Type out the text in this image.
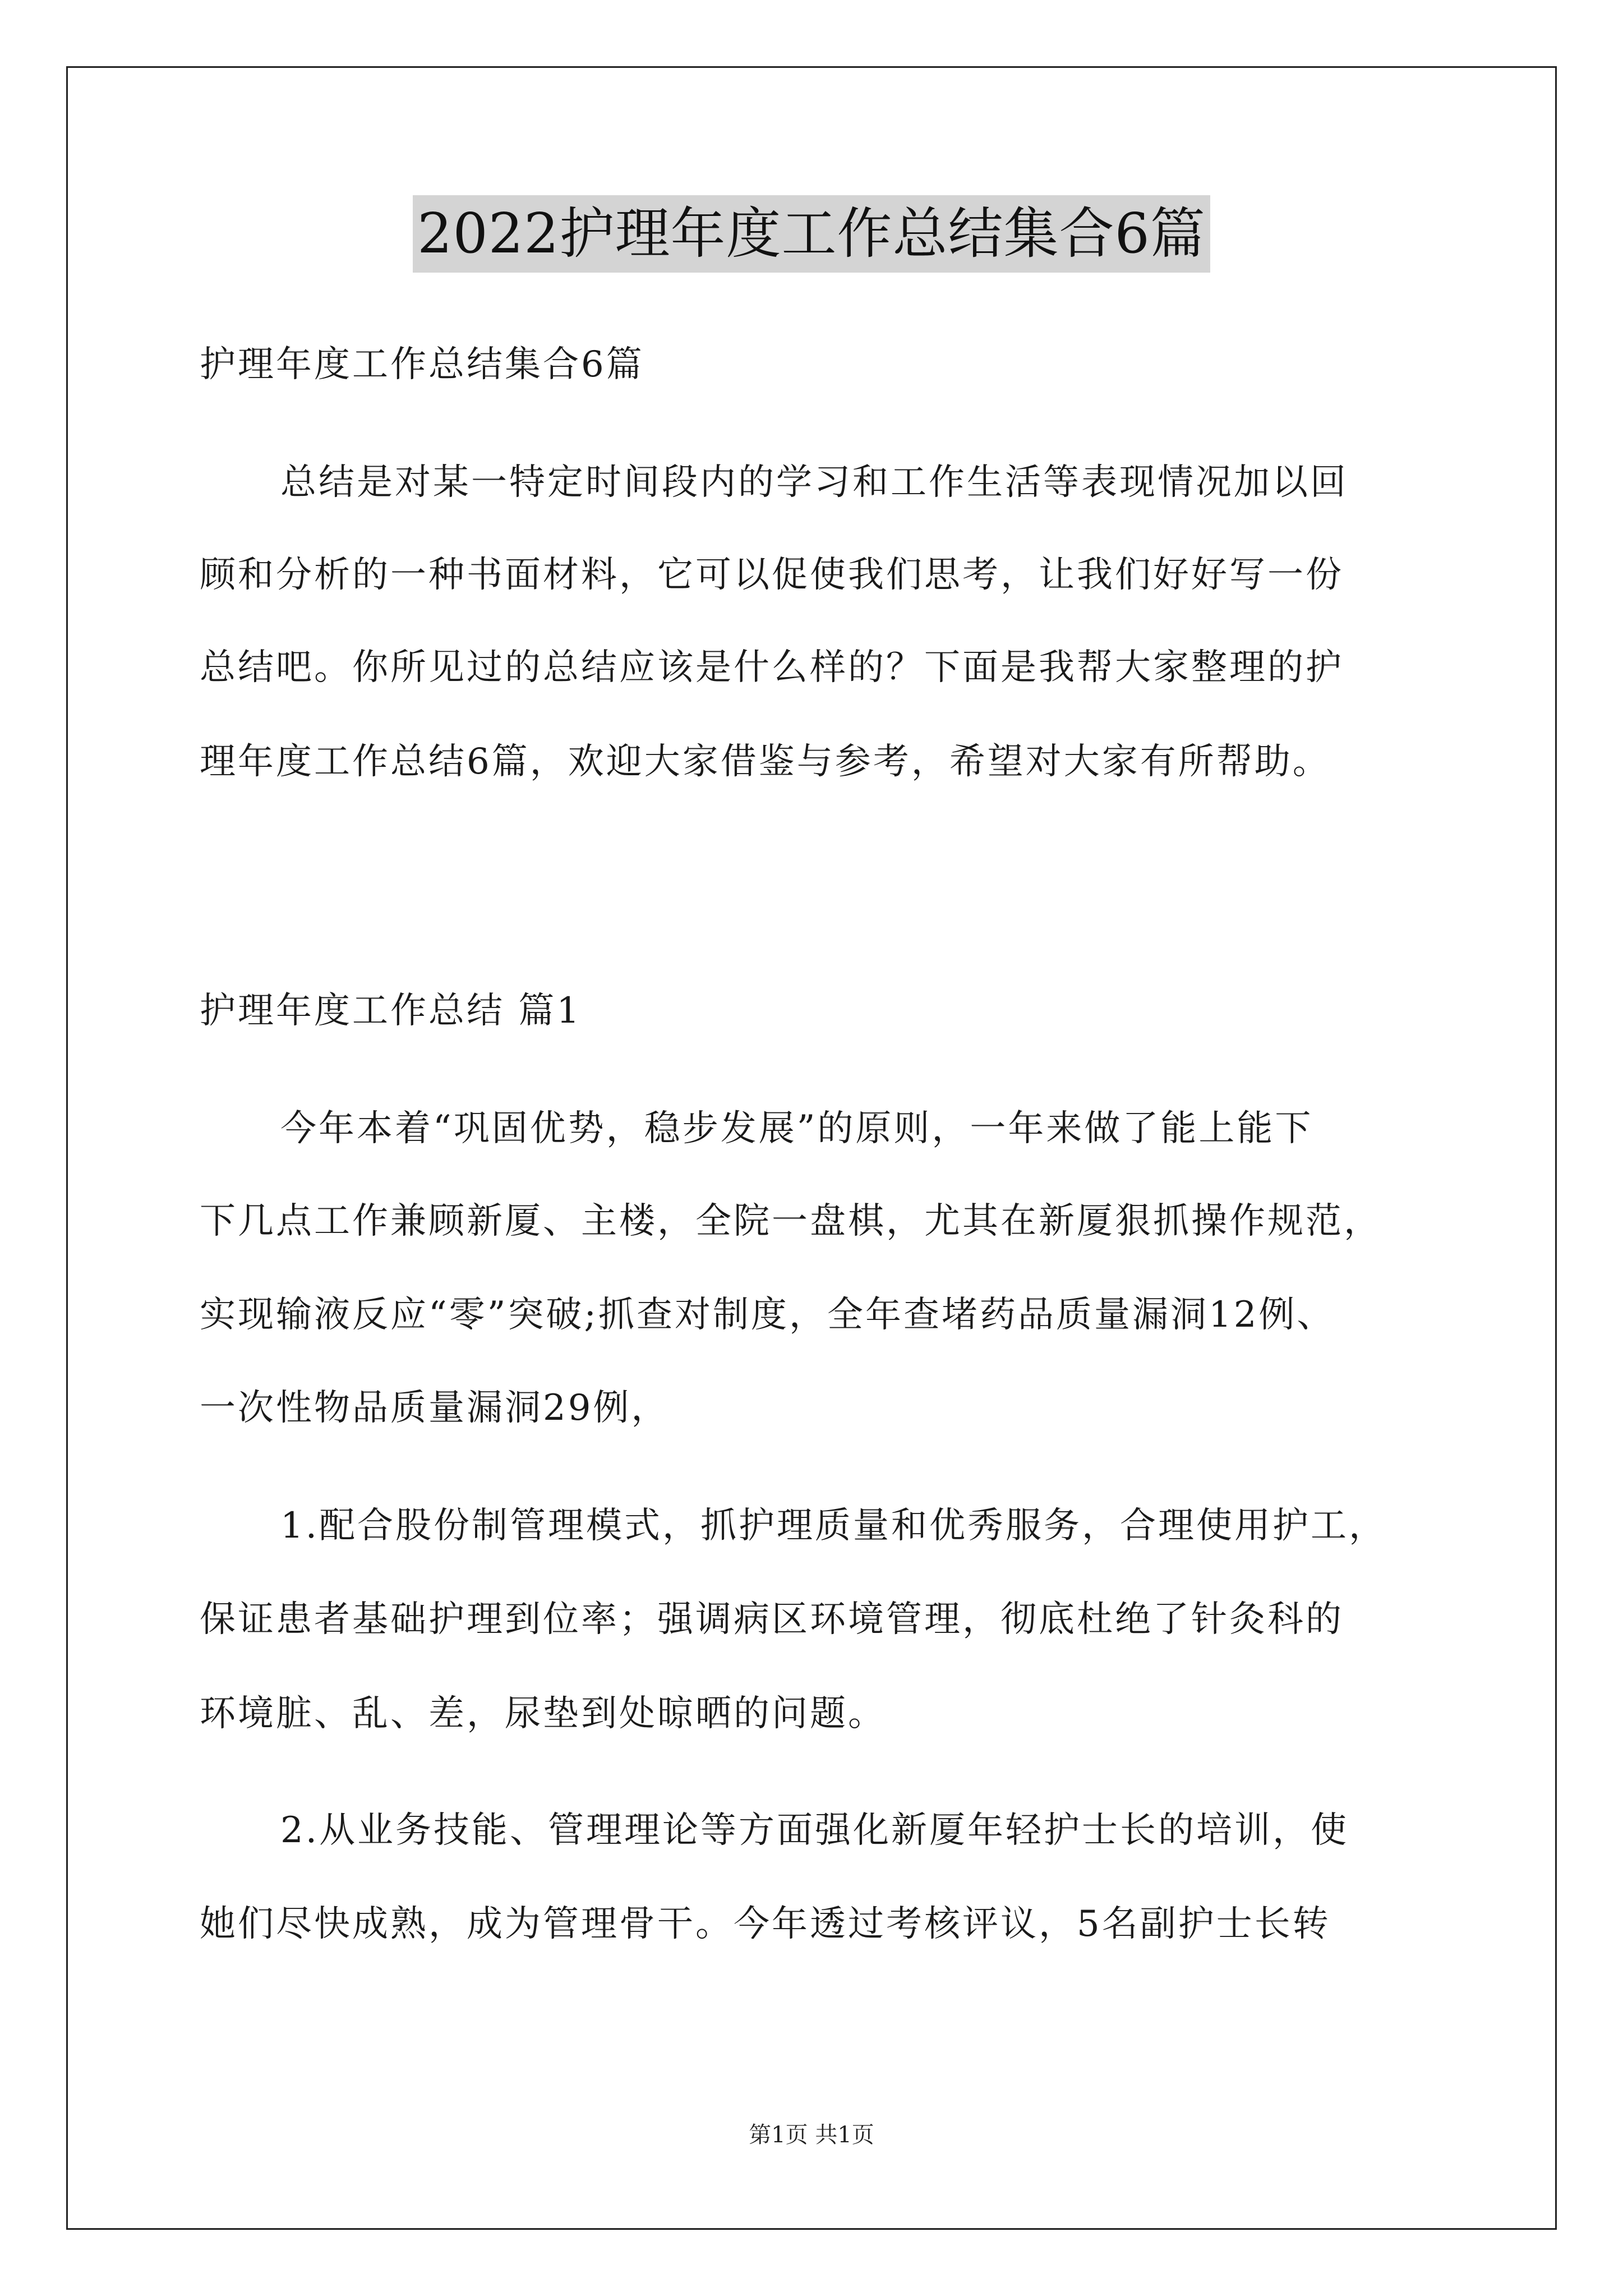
2022护理年度工作总结集合6篇
护理年度工作总结集合6篇
总结是对某一特定时间段内的学习和工作生活等表现情况加以回
顾和分析的一种书面材料，它可以促使我们思考，让我们好好写一份
总结吧。你所见过的总结应该是什么样的？下面是我帮大家整理的护
理年度工作总结6篇，欢迎大家借鉴与参考，希望对大家有所帮助。
护理年度工作总结 篇1
今年本着“巩固优势，稳步发展”的原则，一年来做了能上能下
下几点工作兼顾新厦、主楼，全院一盘棋，尤其在新厦狠抓操作规范，
实现输液反应“零”突破;抓查对制度，全年查堵药品质量漏洞12例、
一次性物品质量漏洞29例，
1.配合股份制管理模式，抓护理质量和优秀服务，合理使用护工，
保证患者基础护理到位率；强调病区环境管理，彻底杜绝了针灸科的
环境脏、乱、差，尿垫到处晾晒的问题。
2.从业务技能、管理理论等方面强化新厦年轻护士长的培训，使
她们尽快成熟，成为管理骨干。今年透过考核评议，5名副护士长转
第1页 共1页
